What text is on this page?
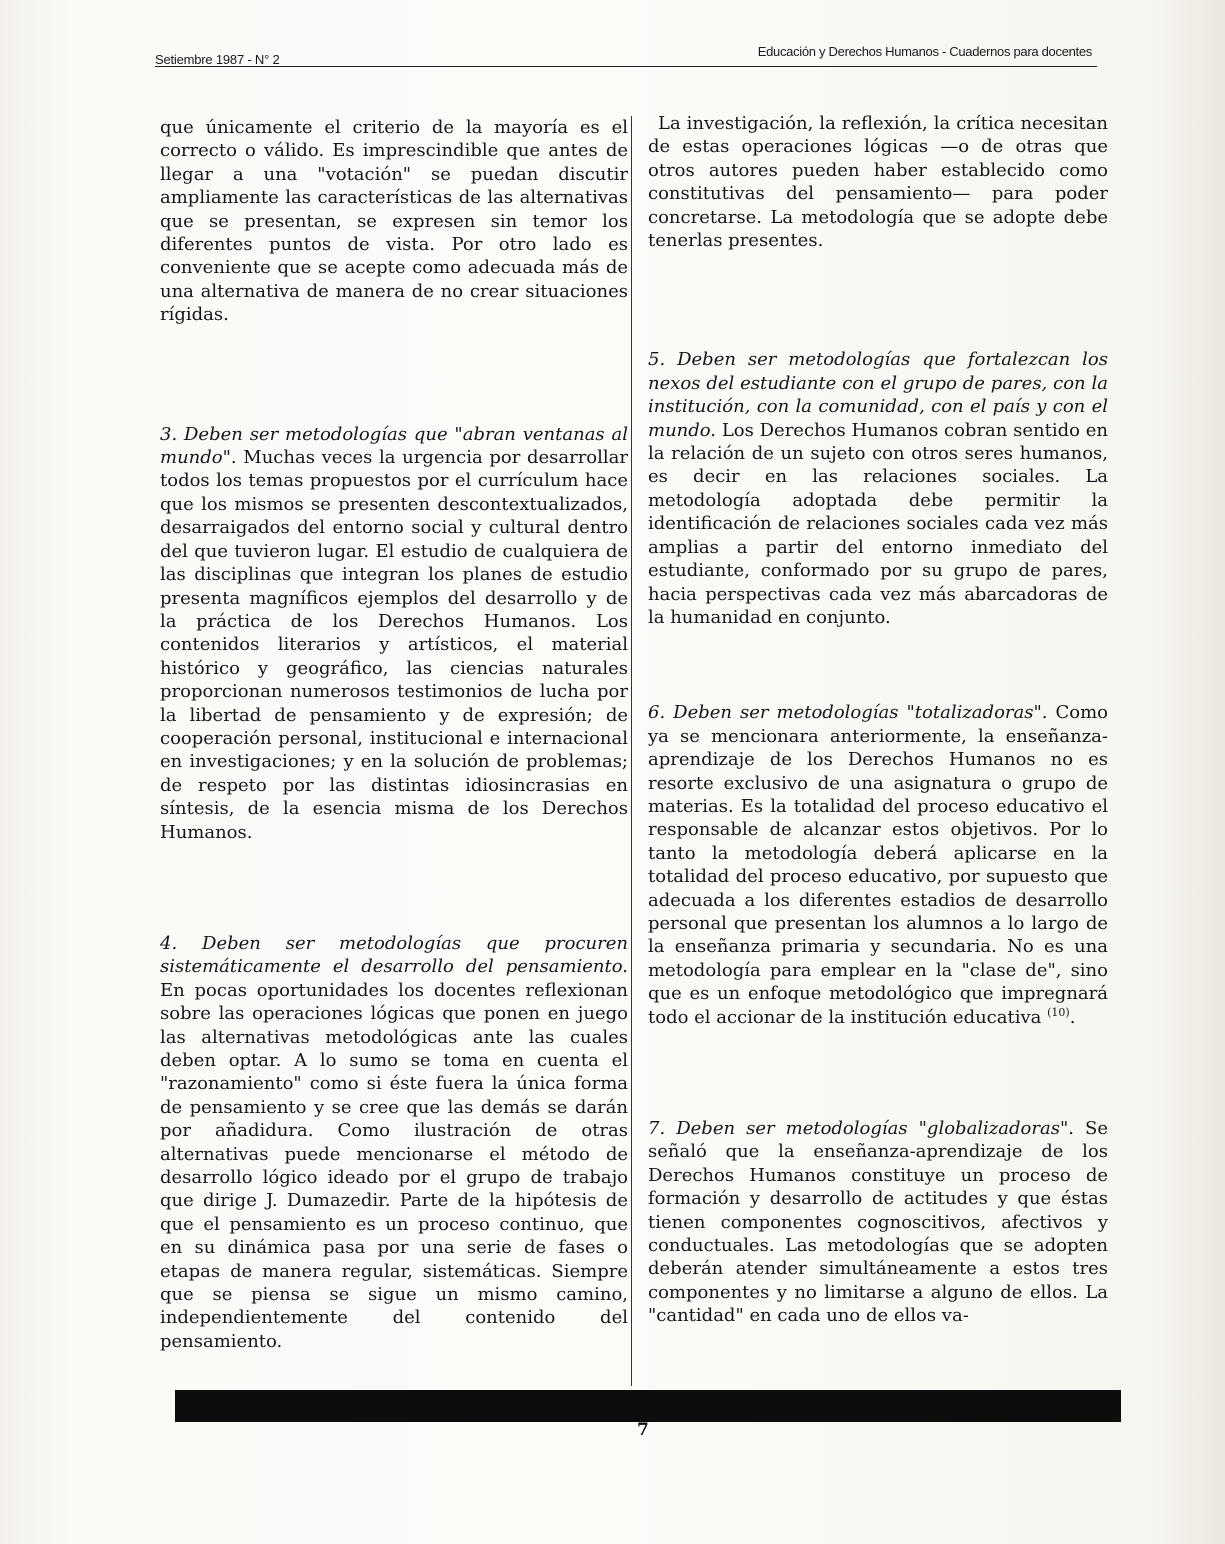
Setiembre 1987 - N° 2
Educación y Derechos Humanos - Cuadernos para docentes

que únicamente el criterio de la mayoría es el correcto o válido. Es imprescindible que antes de llegar a una "votación" se puedan discutir ampliamente las características de las alternativas que se presentan, se expresen sin temor los diferentes puntos de vista. Por otro lado es conveniente que se acepte como adecuada más de una alternativa de manera de no crear situaciones rígidas.

3. Deben ser metodologías que "abran ventanas al mundo". Muchas veces la urgencia por desarrollar todos los temas propuestos por el currículum hace que los mismos se presenten descontextualizados, desarraigados del entorno social y cultural dentro del que tuvieron lugar. El estudio de cualquiera de las disciplinas que integran los planes de estudio presenta magníficos ejemplos del desarrollo y de la práctica de los Derechos Humanos. Los contenidos literarios y artísticos, el material histórico y geográfico, las ciencias naturales proporcionan numerosos testimonios de lucha por la libertad de pensamiento y de expresión; de cooperación personal, institucional e internacional en investigaciones; y en la solución de problemas; de respeto por las distintas idiosincrasias en síntesis, de la esencia misma de los Derechos Humanos.

4. Deben ser metodologías que procuren sistemáticamente el desarrollo del pensamiento. En pocas oportunidades los docentes reflexionan sobre las operaciones lógicas que ponen en juego las alternativas metodológicas ante las cuales deben optar. A lo sumo se toma en cuenta el "razonamiento" como si éste fuera la única forma de pensamiento y se cree que las demás se darán por añadidura. Como ilustración de otras alternativas puede mencionarse el método de desarrollo lógico ideado por el grupo de trabajo que dirige J. Dumazedir. Parte de la hipótesis de que el pensamiento es un proceso continuo, que en su dinámica pasa por una serie de fases o etapas de manera regular, sistemáticas. Siempre que se piensa se sigue un mismo camino, independientemente del contenido del pensamiento.

La investigación, la reflexión, la crítica necesitan de estas operaciones lógicas —o de otras que otros autores pueden haber establecido como constitutivas del pensamiento— para poder concretarse. La metodología que se adopte debe tenerlas presentes.

5. Deben ser metodologías que fortalezcan los nexos del estudiante con el grupo de pares, con la institución, con la comunidad, con el país y con el mundo. Los Derechos Humanos cobran sentido en la relación de un sujeto con otros seres humanos, es decir en las relaciones sociales. La metodología adoptada debe permitir la identificación de relaciones sociales cada vez más amplias a partir del entorno inmediato del estudiante, conformado por su grupo de pares, hacia perspectivas cada vez más abarcadoras de la humanidad en conjunto.

6. Deben ser metodologías "totalizadoras". Como ya se mencionara anteriormente, la enseñanza-aprendizaje de los Derechos Humanos no es resorte exclusivo de una asignatura o grupo de materias. Es la totalidad del proceso educativo el responsable de alcanzar estos objetivos. Por lo tanto la metodología deberá aplicarse en la totalidad del proceso educativo, por supuesto que adecuada a los diferentes estadios de desarrollo personal que presentan los alumnos a lo largo de la enseñanza primaria y secundaria. No es una metodología para emplear en la "clase de", sino que es un enfoque metodológico que impregnará todo el accionar de la institución educativa $^{(10)}$.

7. Deben ser metodologías "globalizadoras". Se señaló que la enseñanza-aprendizaje de los Derechos Humanos constituye un proceso de formación y desarrollo de actitudes y que éstas tienen componentes cognoscitivos, afectivos y conductuales. Las metodologías que se adopten deberán atender simultáneamente a estos tres componentes y no limitarse a alguno de ellos. La "cantidad" en cada uno de ellos va-

7
